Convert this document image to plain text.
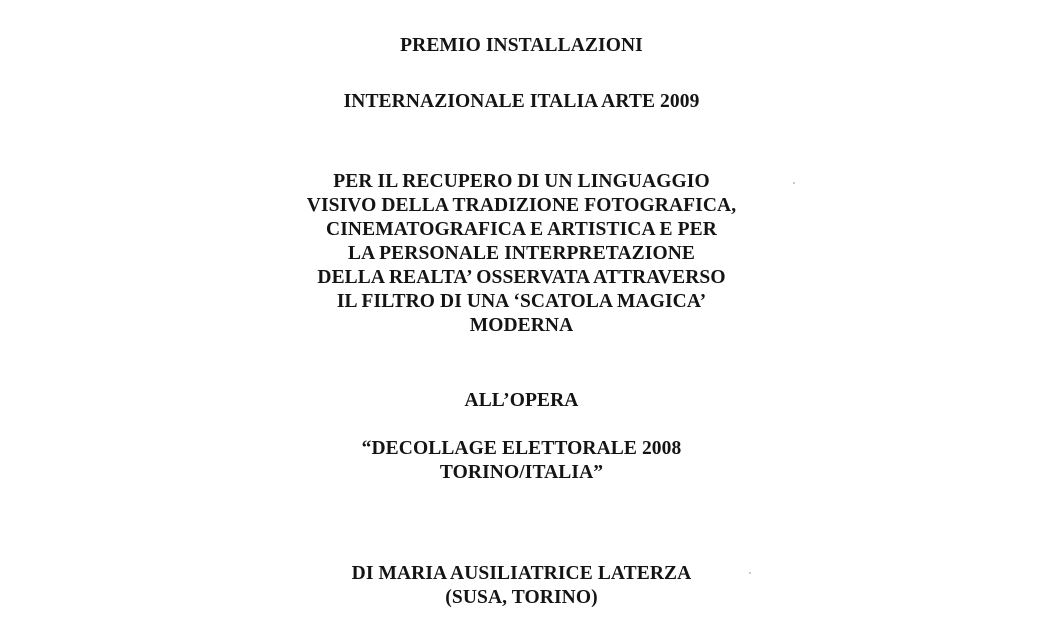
PREMIO INSTALLAZIONI
INTERNAZIONALE ITALIA ARTE 2009
PER IL RECUPERO DI UN LINGUAGGIO
VISIVO DELLA TRADIZIONE FOTOGRAFICA,
CINEMATOGRAFICA E ARTISTICA E PER
LA PERSONALE INTERPRETAZIONE
DELLA REALTA’ OSSERVATA ATTRAVERSO
IL FILTRO DI UNA ‘SCATOLA MAGICA’
MODERNA
ALL’OPERA
“DECOLLAGE ELETTORALE 2008
TORINO/ITALIA”
DI MARIA AUSILIATRICE LATERZA
(SUSA, TORINO)
